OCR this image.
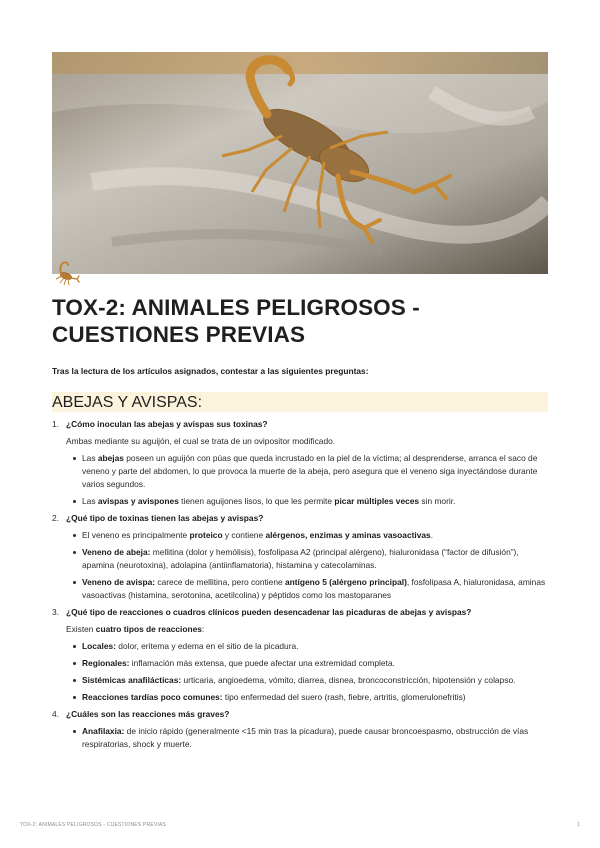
TOX-2: ANIMALES PELIGROSOS - CUESTIONES PREVIAS

Tras la lectura de los artículos asignados, contestar a las siguientes preguntas:

ABEJAS Y AVISPAS:
1. ¿Cómo inoculan las abejas y avispas sus toxinas?

Ambas mediante su aguijón, el cual se trata de un ovipositor modificado.

Las abejas poseen un aguijón con púas que queda incrustado en la piel de la víctima; al desprenderse, arranca el saco de veneno y parte del abdomen, lo que provoca la muerte de la abeja, pero asegura que el veneno siga inyectándose durante varios segundos.
Las avispas y avispones tienen aguijones lisos, lo que les permite picar múltiples veces sin morir.
2. ¿Qué tipo de toxinas tienen las abejas y avispas?
El veneno es principalmente proteico y contiene alérgenos, enzimas y aminas vasoactivas.
Veneno de abeja: mellitina (dolor y hemólisis), fosfolipasa A2 (principal alérgeno), hialuronidasa (“factor de difusión”), apamina (neurotoxina), adolapina (antiinflamatoria), histamina y catecolaminas.
Veneno de avispa: carece de mellitina, pero contiene antígeno 5 (alérgeno principal), fosfolipasa A, hialuronidasa, aminas vasoactivas (histamina, serotonina, acetilcolina) y péptidos como los mastoparanes
3. ¿Qué tipo de reacciones o cuadros clínicos pueden desencadenar las picaduras de abejas y avispas?

Existen cuatro tipos de reacciones:

Locales: dolor, eritema y edema en el sitio de la picadura.
Regionales: inflamación más extensa, que puede afectar una extremidad completa.
Sistémicas anafilácticas: urticaria, angioedema, vómito, diarrea, disnea, broncoconstricción, hipotensión y colapso.
Reacciones tardías poco comunes: tipo enfermedad del suero (rash, fiebre, artritis, glomerulonefritis)
4. ¿Cuáles son las reacciones más graves?
Anafilaxia: de inicio rápido (generalmente <15 min tras la picadura), puede causar broncoespasmo, obstrucción de vías respiratorias, shock y muerte.
TOX-2: ANIMALES PELIGROSOS - CUESTIONES PREVIAS	1
